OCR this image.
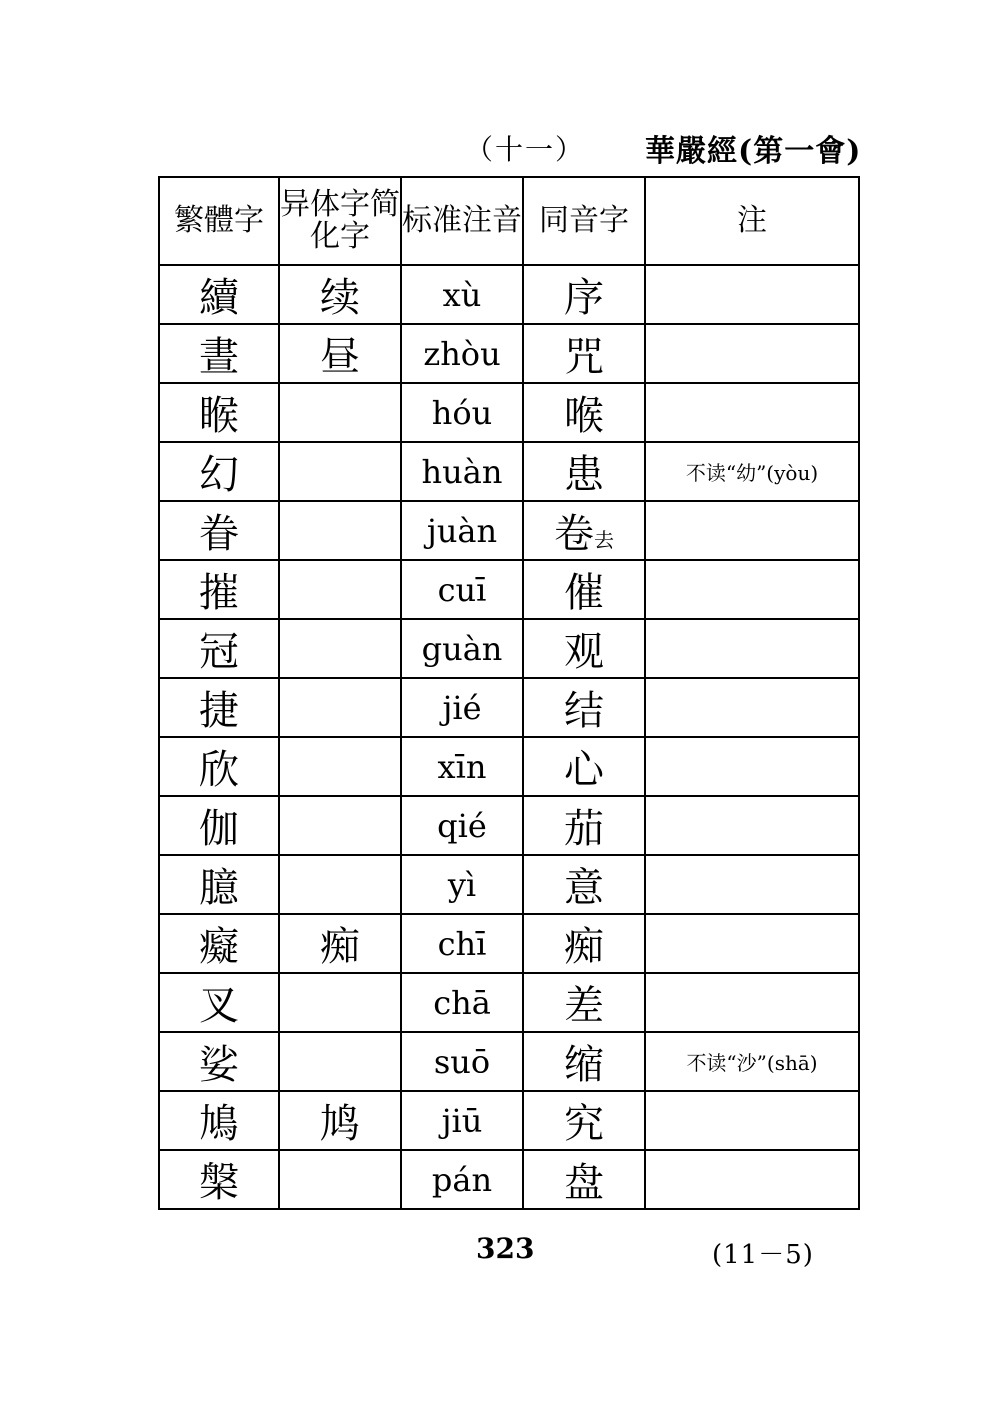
（十一） 華嚴經(第一會)
繁體字	异体字简化字	标准注音	同音字	注
續	续	xù	序	
晝	昼	zhòu	咒	
睺		hóu	喉	
幻		huàn	患	不读“幼”(yòu)
眷		juàn	卷去	
摧		cuī	催	
冠		guàn	观	
捷		jié	结	
欣		xīn	心	
伽		qié	茄	
臆		yì	意	
癡	痴	chī	痴	
叉		chā	差	
娑		suō	缩	不读“沙”(shā)
鳩	鸠	jiū	究	
槃		pán	盘	
323	(11－5)
